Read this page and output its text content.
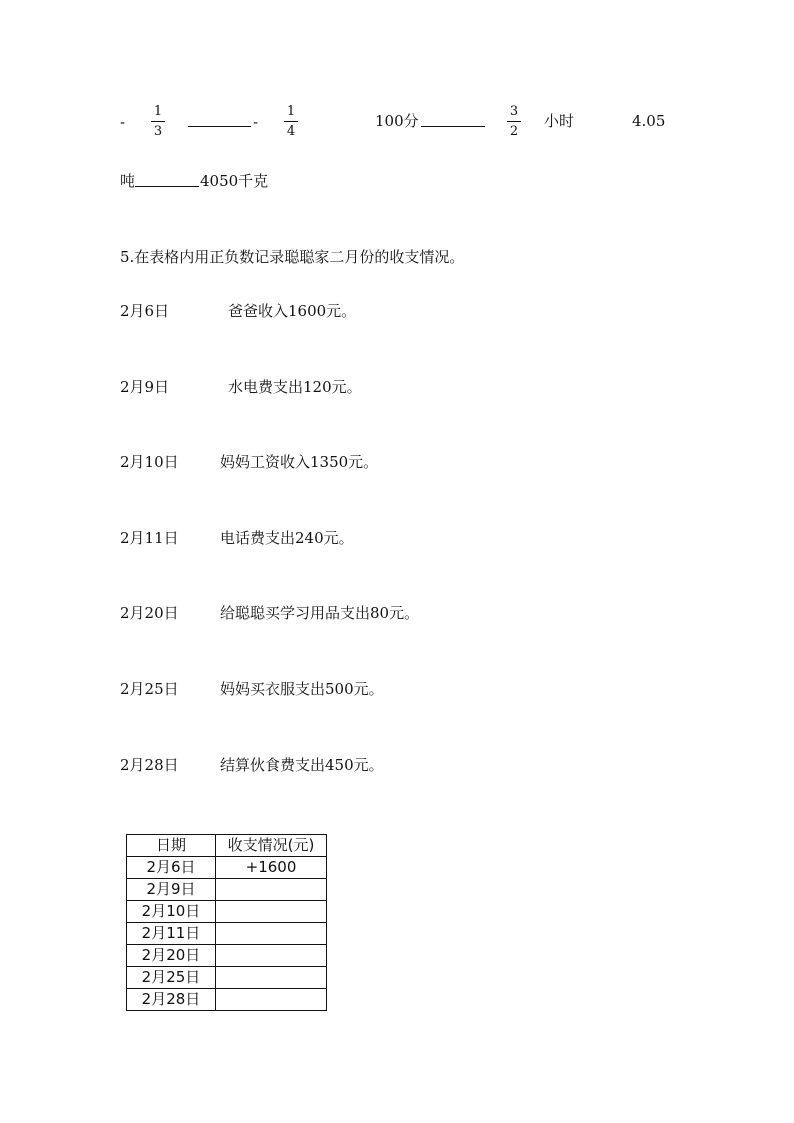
-
1
3
-
1
4
100分
3
2
小时	4.05
吨	4050千克
5.在表格内用正负数记录聪聪家二月份的收支情况。
2月6日	爸爸收入1600元。
2月9日	水电费支出120元。
2月10日	妈妈工资收入1350元。
2月11日	电话费支出240元。
2月20日	给聪聪买学习用品支出80元。
2月25日	妈妈买衣服支出500元。
2月28日	结算伙食费支出450元。
日期	收支情况(元)
2月6日	+1600
2月9日	
2月10日	
2月11日	
2月20日	
2月25日	
2月28日	
